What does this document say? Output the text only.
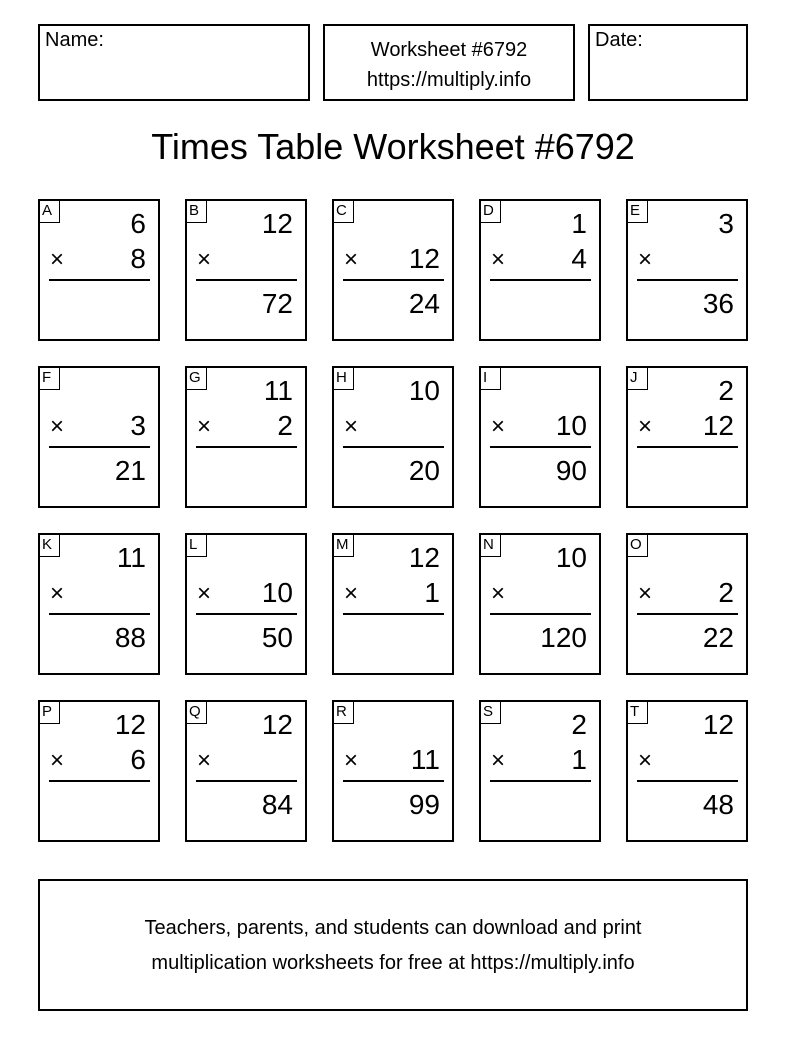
Name:	Worksheet #6792
https://multiply.info
Date:
Times Table Worksheet #6792
A	6
× 8
B 12
×
72
C
× 12
24
D	1
× 4
E	3
×
36
F
× 3
21
G 11
× 2
H 10
×
20
I
× 10
90
J	2
× 12
K 11
×
88
L
× 10
50
M 12
× 1
N 10
×
120
O
× 2
22
P 12
× 6
Q 12
×
84
R
× 11
99
S	2
× 1
T	12
×
48
Teachers, parents, and students can download and print
multiplication worksheets for free at https://multiply.info
